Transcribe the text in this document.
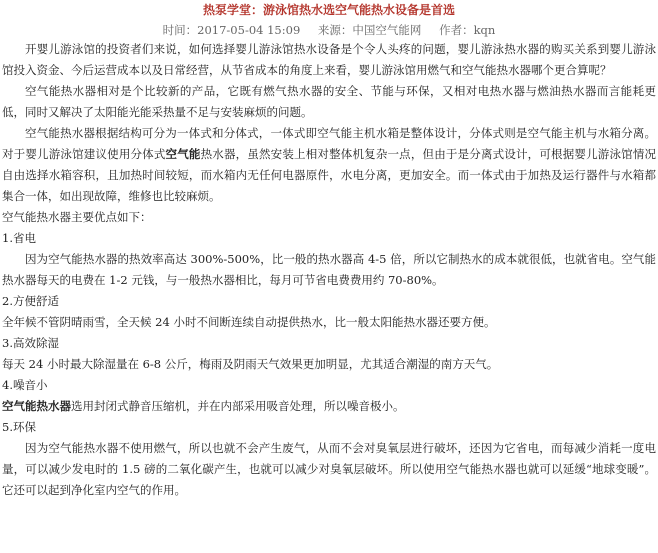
热泵学堂：游泳馆热水选空气能热水设备是首选
时间：2017-05-04 15:09 来源：中国空气能网 作者：kqn

开婴儿游泳馆的投资者们来说，如何选择婴儿游泳馆热水设备是个令人头疼的问题，婴儿游泳热水器的购买关系到婴儿游泳馆投入资金、今后运营成本以及日常经营，从节省成本的角度上来看，婴儿游泳馆用燃气和空气能热水器哪个更合算呢？

空气能热水器相对是个比较新的产品，它既有燃气热水器的安全、节能与环保，又相对电热水器与燃油热水器而言能耗更低，同时又解决了太阳能光能采热量不足与安装麻烦的问题。

空气能热水器根据结构可分为一体式和分体式，一体式即空气能主机水箱是整体设计，分体式则是空气能主机与水箱分离。对于婴儿游泳馆建议使用分体式空气能热水器，虽然安装上相对整体机复杂一点，但由于是分离式设计，可根据婴儿游泳馆情况自由选择水箱容积，且加热时间较短，而水箱内无任何电器原件，水电分离，更加安全。而一体式由于加热及运行器件与水箱都集合一体，如出现故障，维修也比较麻烦。

空气能热水器主要优点如下：

1.省电

因为空气能热水器的热效率高达 300%-500%，比一般的热水器高 4-5 倍，所以它制热水的成本就很低，也就省电。空气能热水器每天的电费在 1-2 元钱，与一般热水器相比，每月可节省电费费用约 70-80%。

2.方便舒适

全年候不管阴晴雨雪，全天候 24 小时不间断连续自动提供热水，比一般太阳能热水器还要方便。

3.高效除湿

每天 24 小时最大除湿量在 6-8 公斤，梅雨及阴雨天气效果更加明显，尤其适合潮湿的南方天气。

4.噪音小

空气能热水器选用封闭式静音压缩机，并在内部采用吸音处理，所以噪音极小。

5.环保

因为空气能热水器不使用燃气，所以也就不会产生废气，从而不会对臭氧层进行破坏，还因为它省电，而每减少消耗一度电量，可以减少发电时的 1.5 磅的二氧化碳产生，也就可以减少对臭氧层破坏。所以使用空气能热水器也就可以延缓“地球变暖”。它还可以起到净化室内空气的作用。
